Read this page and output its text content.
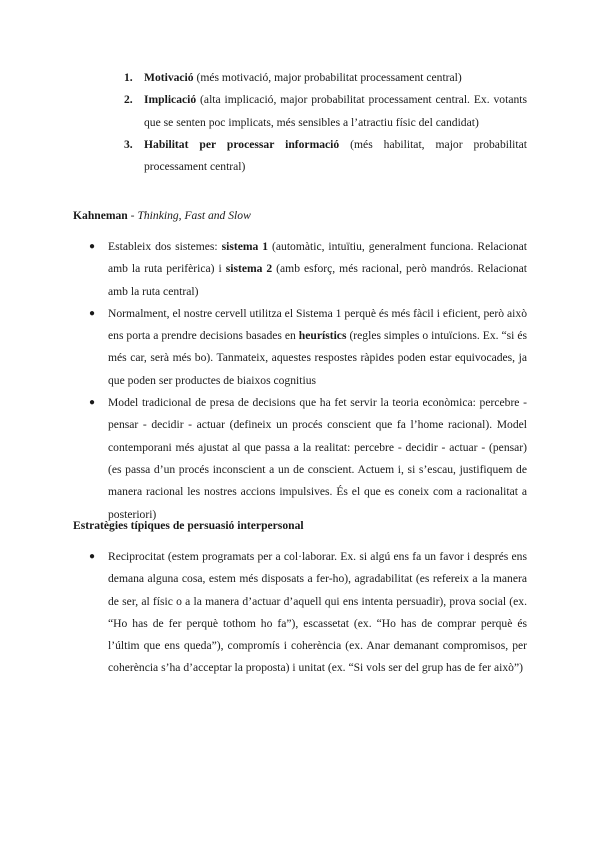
1. Motivació (més motivació, major probabilitat processament central)

2. Implicació (alta implicació, major probabilitat processament central. Ex. votants que se senten poc implicats, més sensibles a l’atractiu físic del candidat)

3. Habilitat per processar informació (més habilitat, major probabilitat processament central)

Kahneman - Thinking, Fast and Slow

● Estableix dos sistemes: sistema 1 (automàtic, intuïtiu, generalment funciona. Relacionat amb la ruta perifèrica) i sistema 2 (amb esforç, més racional, però mandrós. Relacionat amb la ruta central)

● Normalment, el nostre cervell utilitza el Sistema 1 perquè és més fàcil i eficient, però això ens porta a prendre decisions basades en heurístics (regles simples o intuïcions. Ex. “si és més car, serà més bo). Tanmateix, aquestes respostes ràpides poden estar equivocades, ja que poden ser productes de biaixos cognitius

● Model tradicional de presa de decisions que ha fet servir la teoria econòmica: percebre - pensar - decidir - actuar (defineix un procés conscient que fa l’home racional). Model contemporani més ajustat al que passa a la realitat: percebre - decidir - actuar - (pensar) (es passa d’un procés inconscient a un de conscient. Actuem i, si s’escau, justifiquem de manera racional les nostres accions impulsives. És el que es coneix com a racionalitat a posteriori)

Estratègies típiques de persuasió interpersonal

● Reciprocitat (estem programats per a col·laborar. Ex. si algú ens fa un favor i després ens demana alguna cosa, estem més disposats a fer-ho), agradabilitat (es refereix a la manera de ser, al físic o a la manera d’actuar d’aquell qui ens intenta persuadir), prova social (ex. “Ho has de fer perquè tothom ho fa”), escassetat (ex. “Ho has de comprar perquè és l’últim que ens queda”), compromís i coherència (ex. Anar demanant compromisos, per coherència s’ha d’acceptar la proposta) i unitat (ex. “Si vols ser del grup has de fer això”)
